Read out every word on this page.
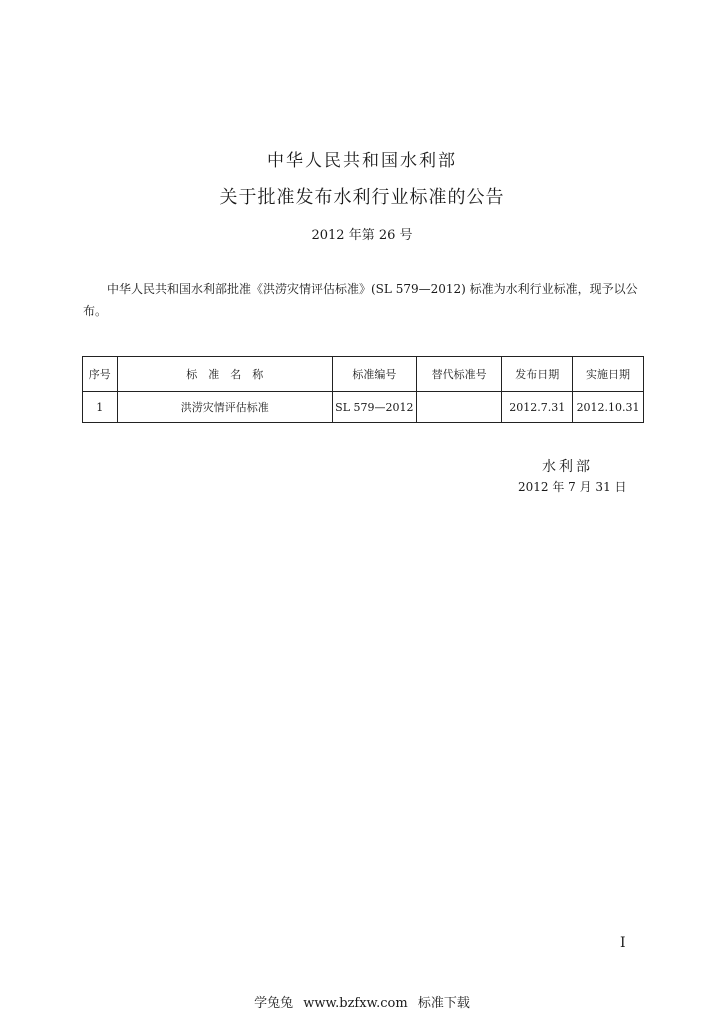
中华人民共和国水利部
关于批准发布水利行业标准的公告
2012 年第 26 号

中华人民共和国水利部批准《洪涝灾情评估标准》(SL 579—2012) 标准为水利行业标准，现予以公布。

序号	标　准　名　称	标准编号	替代标准号	发布日期	实施日期
1	洪涝灾情评估标准	SL 579—2012		2012.7.31	2012.10.31
水利部
2012 年 7 月 31 日
I
学兔兔 www.bzfxw.com 标准下载
